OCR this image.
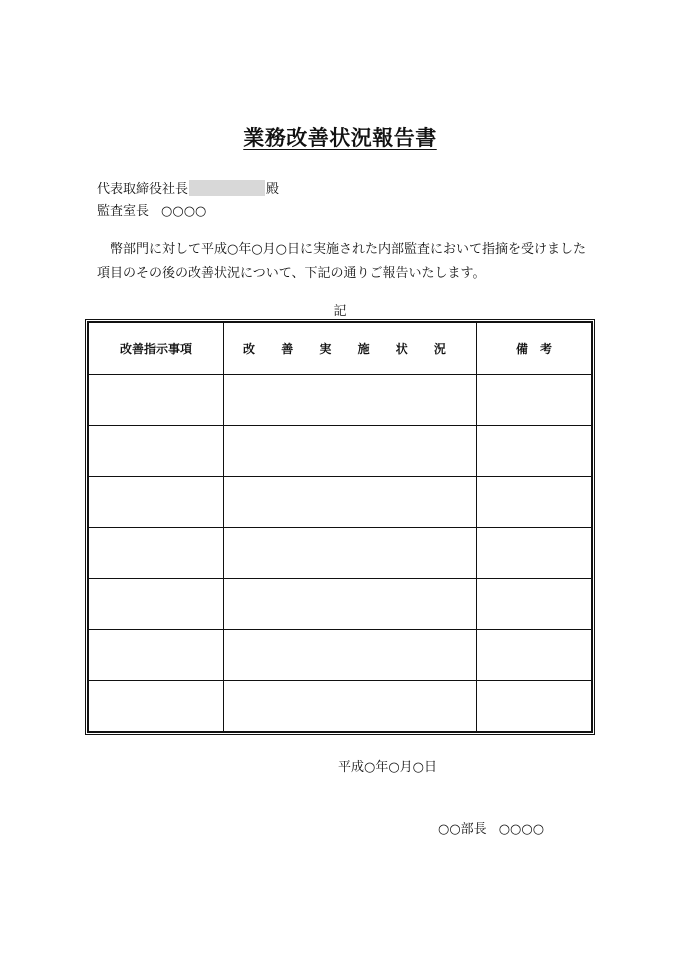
業務改善状況報告書
代表取締役社長	殿
監査室長 ○○○○
幣部門に対して平成○年○月○日に実施された内部監査において指摘を受けました
項目のその後の改善状況について、下記の通りご報告いたします。
記
改善指示事項	改 善 実 施 状 況	備　考

平成○年○月○日
○○部長 ○○○○
